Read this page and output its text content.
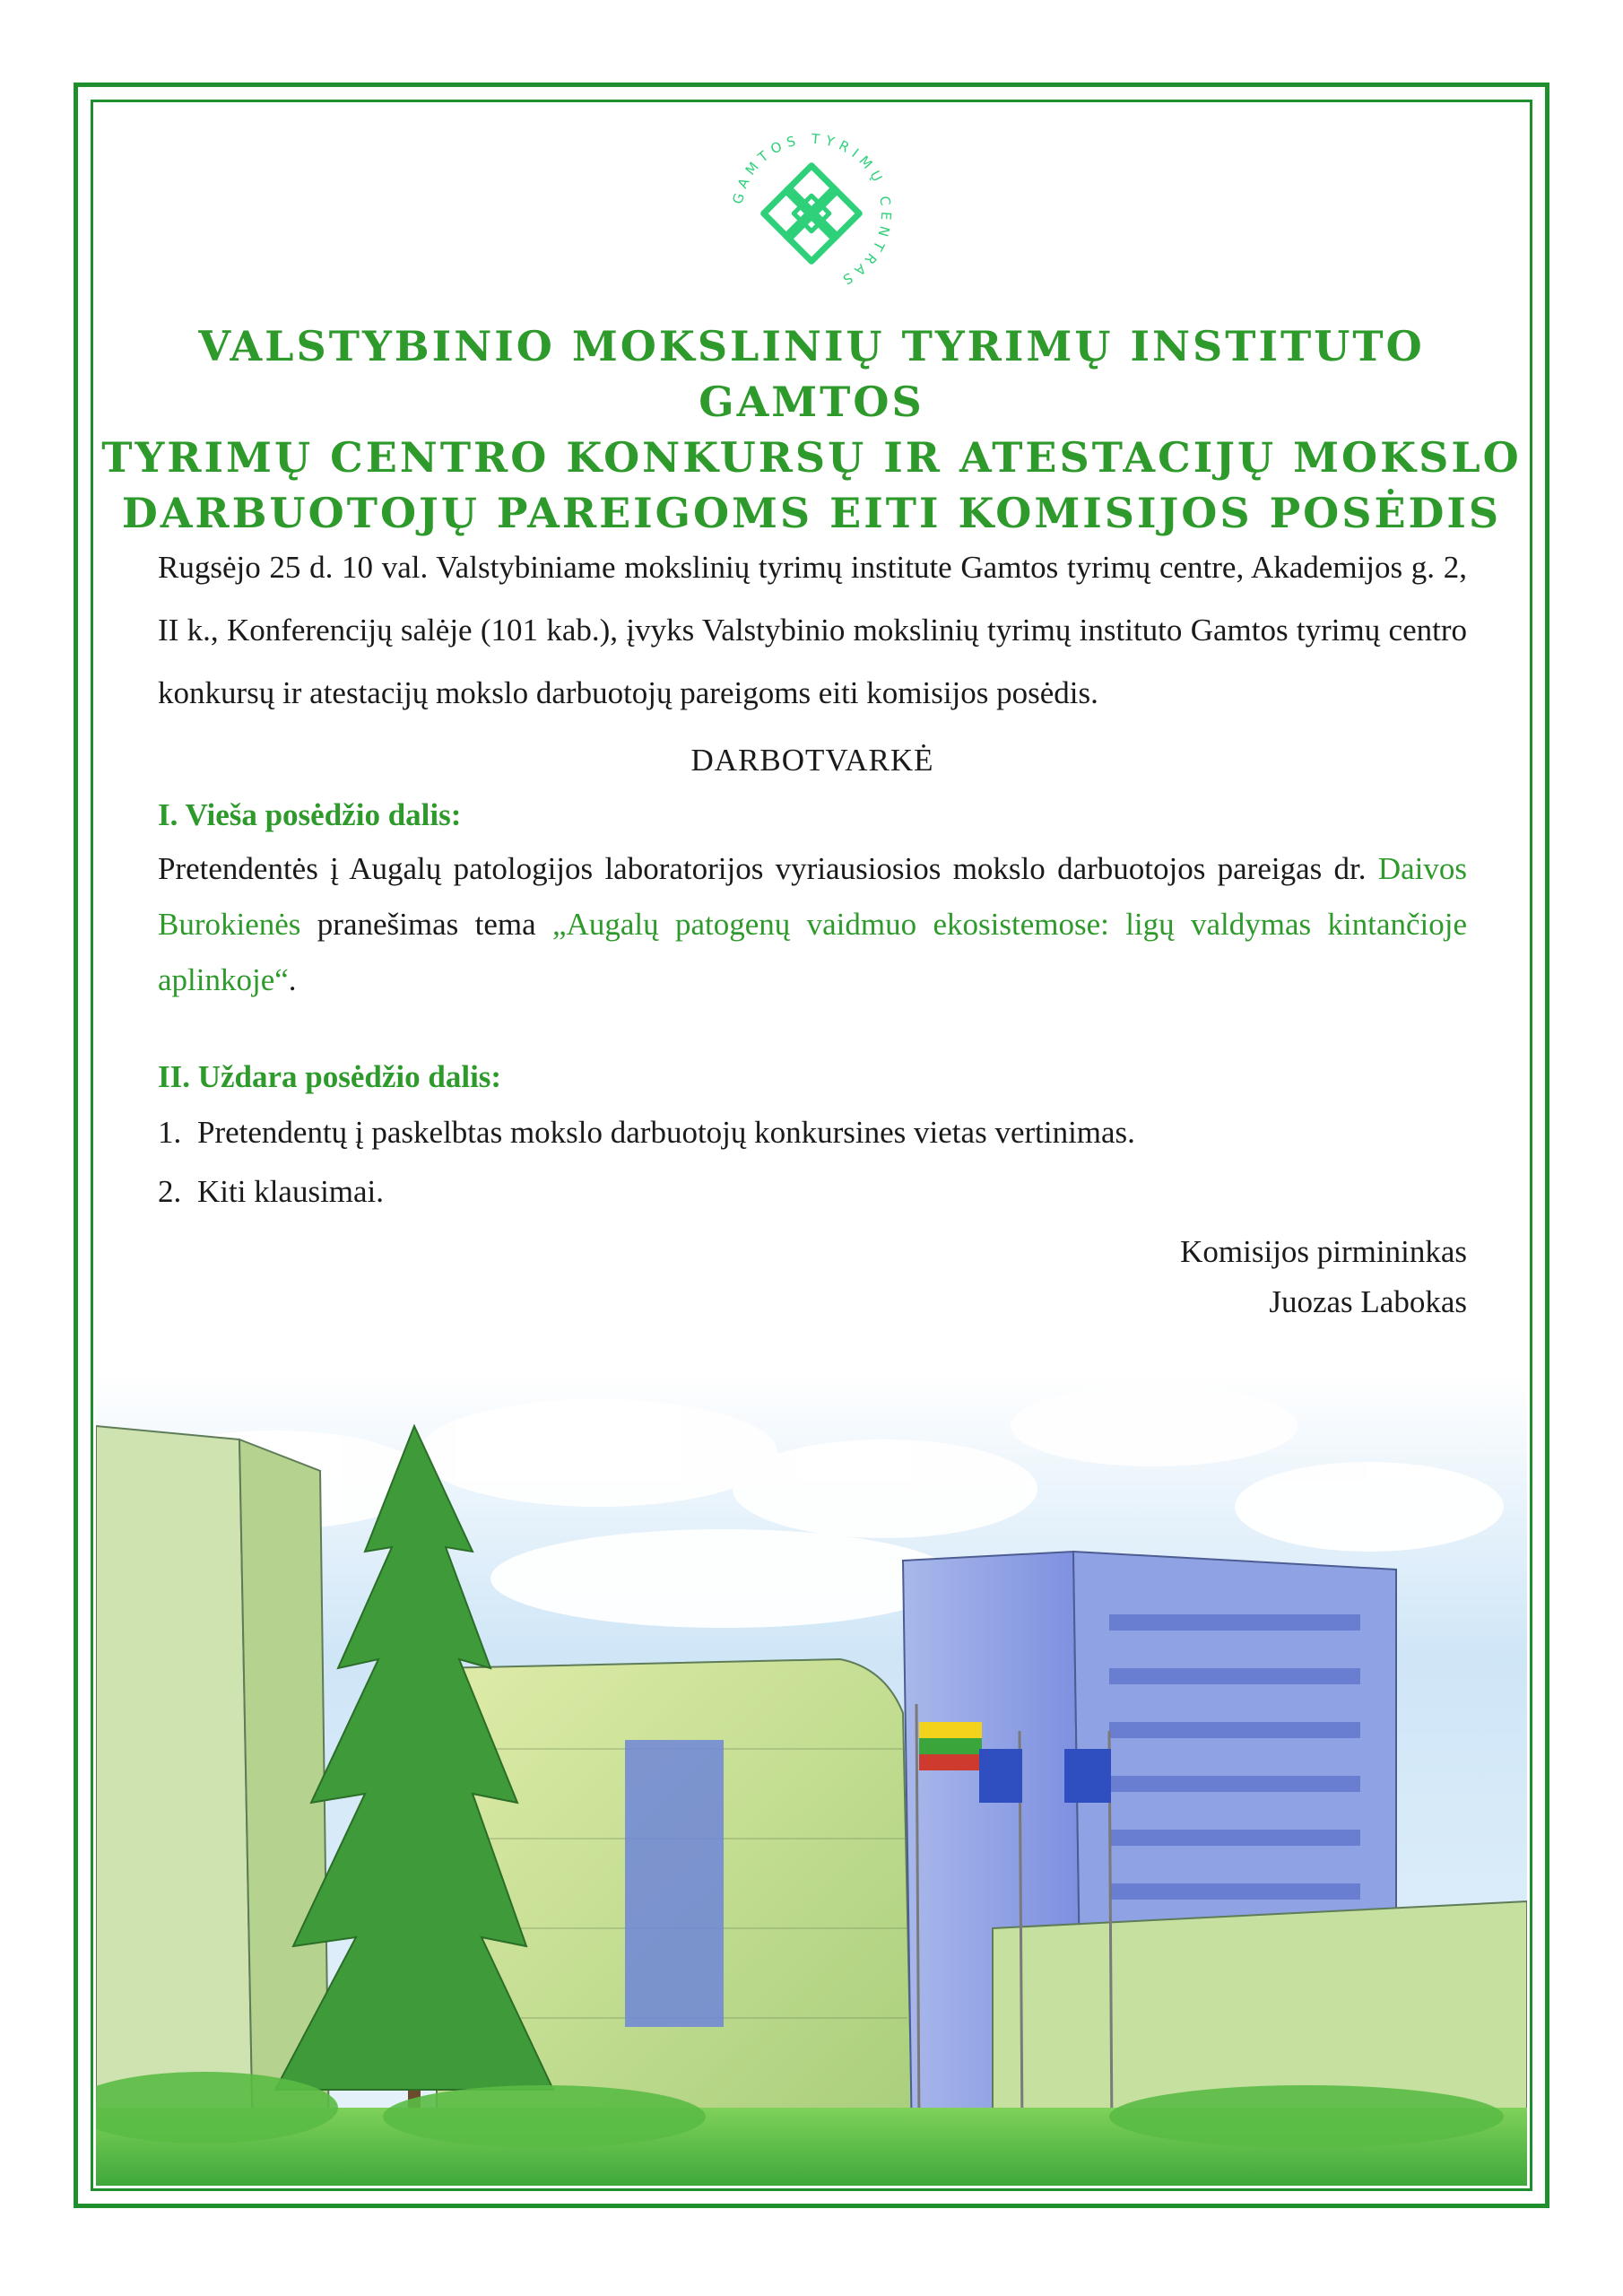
GAMTOS TYRIMŲ CENTRAS
VALSTYBINIO MOKSLINIŲ TYRIMŲ INSTITUTO GAMTOS
TYRIMŲ CENTRO KONKURSŲ IR ATESTACIJŲ MOKSLO
DARBUOTOJŲ PAREIGOMS EITI KOMISIJOS POSĖDIS

Rugsėjo 25 d. 10 val. Valstybiniame mokslinių tyrimų institute Gamtos tyrimų centre, Akademijos g. 2, II k., Konferencijų salėje (101 kab.), įvyks Valstybinio mokslinių tyrimų instituto Gamtos tyrimų centro konkursų ir atestacijų mokslo darbuotojų pareigoms eiti komisijos posėdis.

DARBOTVARKĖ

I. Vieša posėdžio dalis:

Pretendentės į Augalų patologijos laboratorijos vyriausiosios mokslo darbuotojos pareigas dr. Daivos Burokienės pranešimas tema „Augalų patogenų vaidmuo ekosistemose: ligų valdymas kintančioje aplinkoje“.

II. Uždara posėdžio dalis:

1. Pretendentų į paskelbtas mokslo darbuotojų konkursines vietas vertinimas.
2. Kiti klausimai.
Komisijos pirmininkas
Juozas Labokas
